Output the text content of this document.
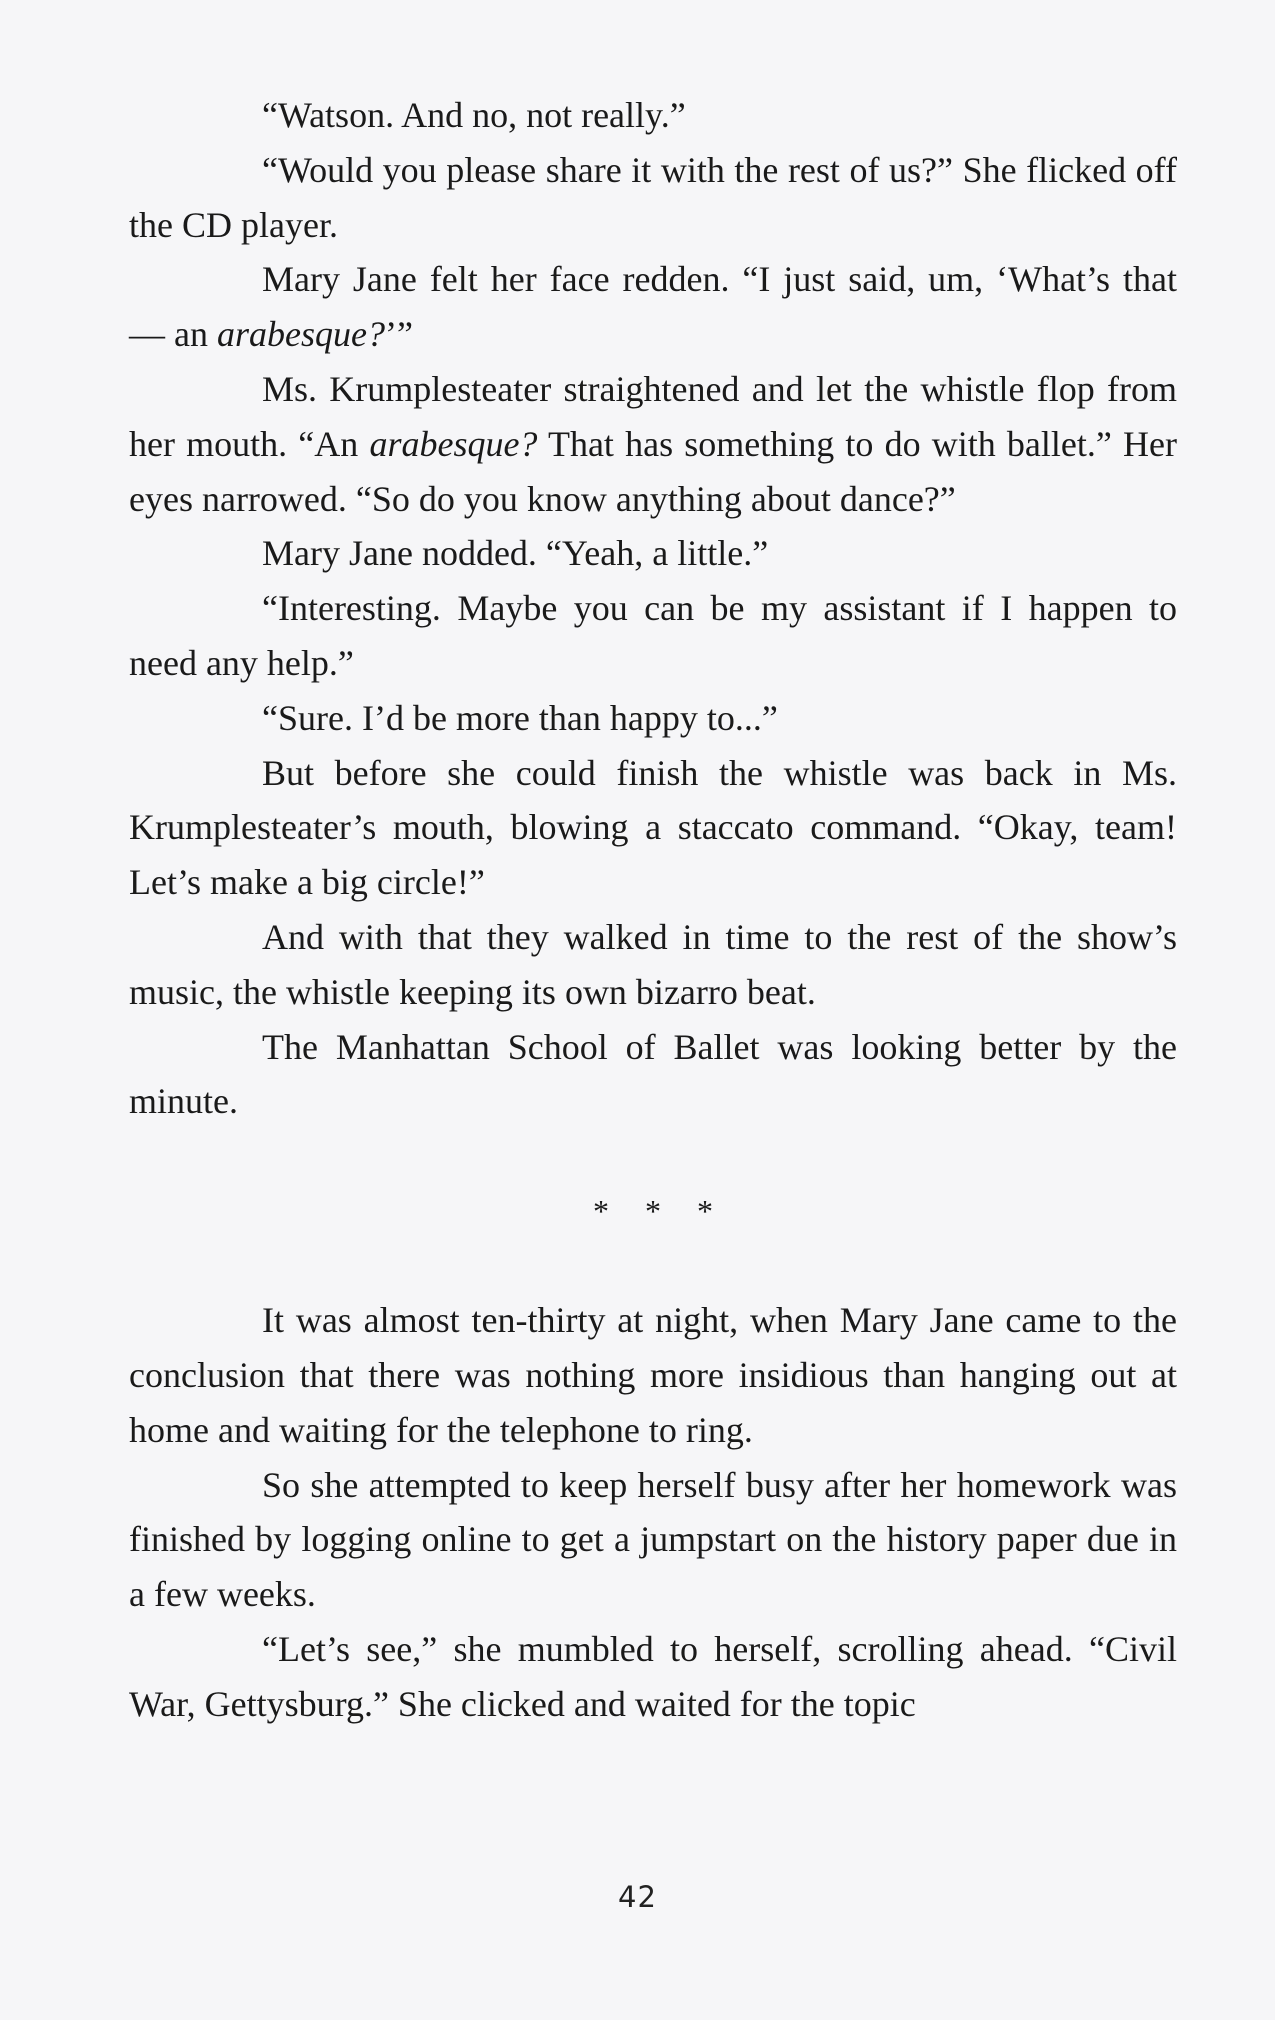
“Watson. And no, not really.”

“Would you please share it with the rest of us?” She flicked off the CD player.

Mary Jane felt her face redden. “I just said, um, ‘What’s that — an arabesque?’”

Ms. Krumplesteater straightened and let the whistle flop from her mouth. “An arabesque? That has something to do with ballet.” Her eyes narrowed. “So do you know anything about dance?”

Mary Jane nodded. “Yeah, a little.”

“Interesting. Maybe you can be my assistant if I happen to need any help.”

“Sure. I’d be more than happy to...”

But before she could finish the whistle was back in Ms. Krumplesteater’s mouth, blowing a staccato command. “Okay, team! Let’s make a big circle!”

And with that they walked in time to the rest of the show’s music, the whistle keeping its own bizarro beat.

The Manhattan School of Ballet was looking better by the minute.

* * *

It was almost ten-thirty at night, when Mary Jane came to the conclusion that there was nothing more insidious than hanging out at home and waiting for the telephone to ring.

So she attempted to keep herself busy after her homework was finished by logging online to get a jumpstart on the history paper due in a few weeks.

“Let’s see,” she mumbled to herself, scrolling ahead. “Civil War, Gettysburg.” She clicked and waited for the topic

42
